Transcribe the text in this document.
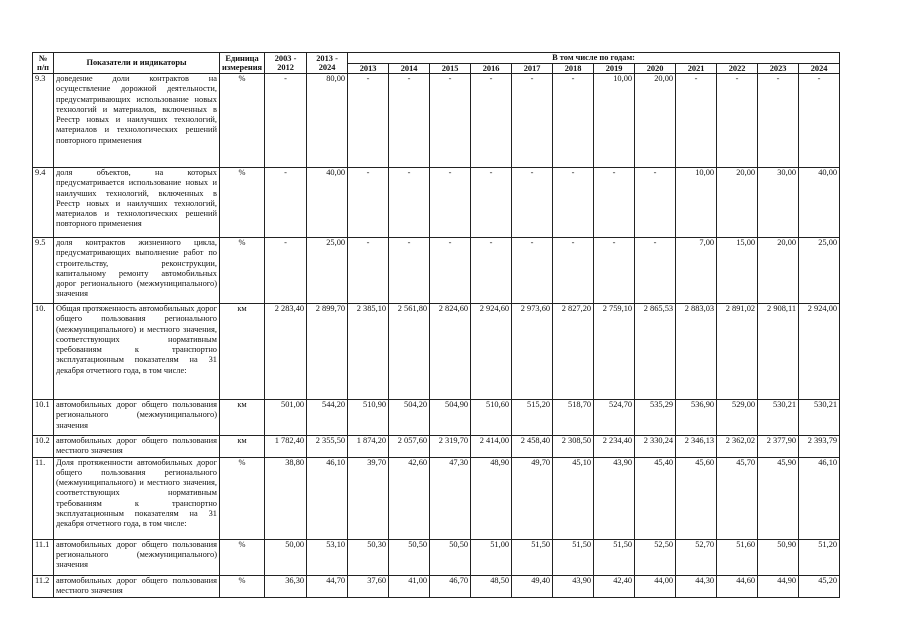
№ п/п	Показатели и индикаторы	Единица измерения	2003 - 2012	2013 - 2024	В том числе по годам:											
					2013	2014	2015	2016	2017	2018	2019	2020	2021	2022	2023	2024
9.3	доведение доли контрактов на осуществление дорожной деятельности, предусматривающих использование новых технологий и материалов, включенных в Реестр новых и наилучших технологий, материалов и технологических решений повторного применения	%	-	80,00	-	-	-	-	-	-	10,00	20,00	-	-	-	-
9.4	доля объектов, на которых предусматривается использование новых и наилучших технологий, включенных в Реестр новых и наилучших технологий, материалов и технологических решений повторного применения	%	-	40,00	-	-	-	-	-	-	-	-	10,00	20,00	30,00	40,00
9.5	доля контрактов жизненного цикла, предусматривающих выполнение работ по строительству, реконструкции, капитальному ремонту автомобильных дорог регионального (межмуниципального) значения	%	-	25,00	-	-	-	-	-	-	-	-	7,00	15,00	20,00	25,00
10.	Общая протяженность автомобильных дорог общего пользования регионального (межмуниципального) и местного значения, соответствующих нормативным требованиям к транспортно эксплуатационным показателям на 31 декабря отчетного года, в том числе:	км	2 283,40	2 899,70	2 385,10	2 561,80	2 824,60	2 924,60	2 973,60	2 827,20	2 759,10	2 865,53	2 883,03	2 891,02	2 908,11	2 924,00
10.1	автомобильных дорог общего пользования регионального (межмуниципального) значения	км	501,00	544,20	510,90	504,20	504,90	510,60	515,20	518,70	524,70	535,29	536,90	529,00	530,21	530,21
10.2	автомобильных дорог общего пользования местного значения	км	1 782,40	2 355,50	1 874,20	2 057,60	2 319,70	2 414,00	2 458,40	2 308,50	2 234,40	2 330,24	2 346,13	2 362,02	2 377,90	2 393,79
11.	Доля протяженности автомобильных дорог общего пользования регионального (межмуниципального) и местного значения, соответствующих нормативным требованиям к транспортно эксплуатационным показателям на 31 декабря отчетного года, в том числе:	%	38,80	46,10	39,70	42,60	47,30	48,90	49,70	45,10	43,90	45,40	45,60	45,70	45,90	46,10
11.1	автомобильных дорог общего пользования регионального (межмуниципального) значения	%	50,00	53,10	50,30	50,50	50,50	51,00	51,50	51,50	51,50	52,50	52,70	51,60	50,90	51,20
11.2	автомобильных дорог общего пользования местного значения	%	36,30	44,70	37,60	41,00	46,70	48,50	49,40	43,90	42,40	44,00	44,30	44,60	44,90	45,20
